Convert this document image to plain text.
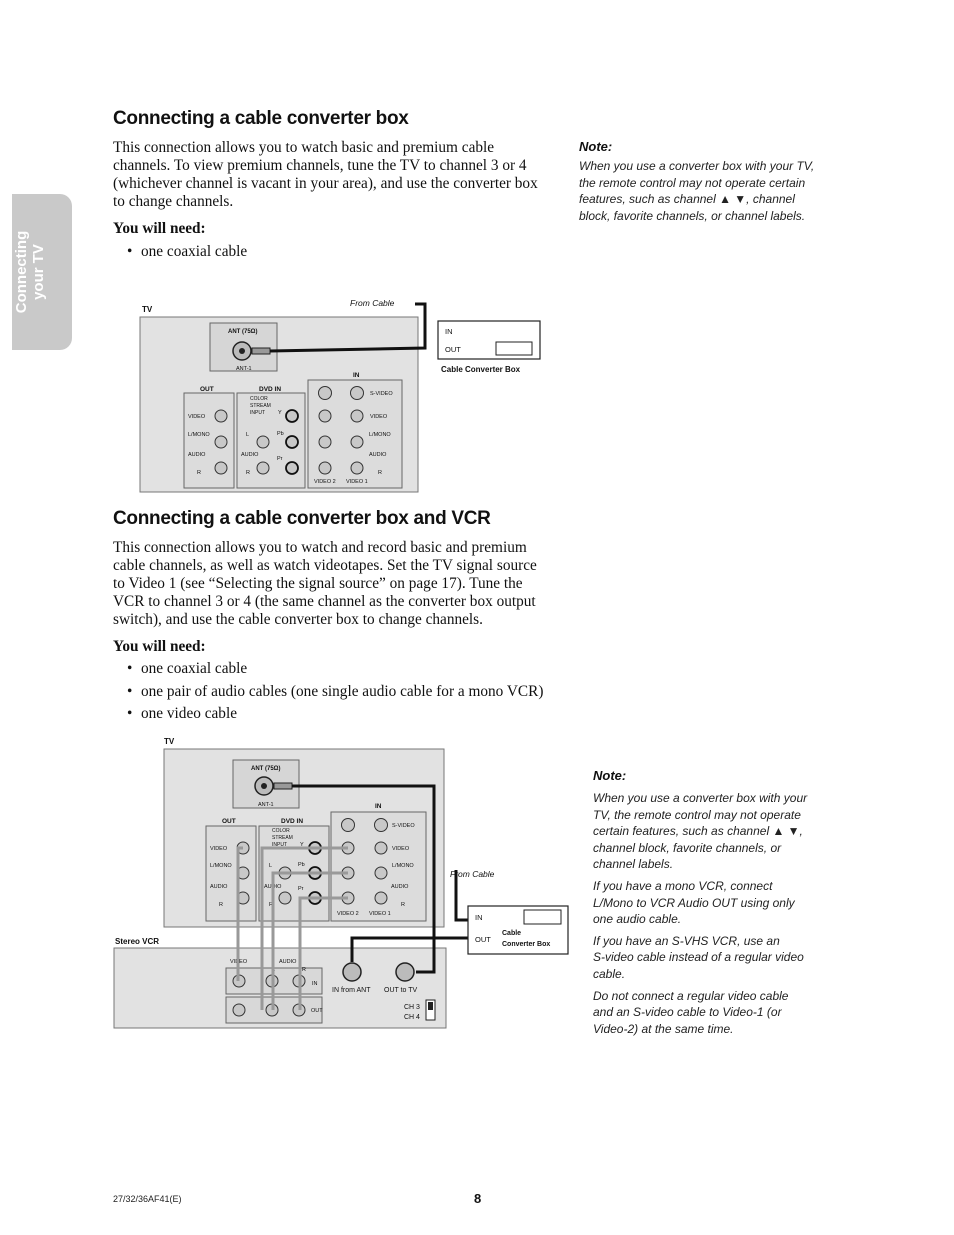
Connecting your TV
Connecting a cable converter box
This connection allows you to watch basic and premium cable
channels. To view premium channels, tune the TV to channel 3 or 4
(whichever channel is vacant in your area), and use the converter box
to change channels.
You will need:
• one coaxial cable
Note:
When you use a converter box with your TV,
the remote control may not operate certain
features, such as channel ▲ ▼, channel
block, favorite channels, or channel labels.
TV
From Cable
ANT (75Ω)
ANT-1
IN
OUT
Cable Converter Box
IN
OUT
VIDEO
L/MONO
AUDIO
R
DVD IN
COLOR
STREAM
INPUT Y
Pb
Pr
L
AUDIO
R
S-VIDEO
VIDEO
L/MONO
AUDIO
R
VIDEO 2 VIDEO 1
Connecting a cable converter box and VCR
This connection allows you to watch and record basic and premium
cable channels, as well as watch videotapes. Set the TV signal source
to Video 1 (see “Selecting the signal source” on page 17). Tune the
VCR to channel 3 or 4 (the same channel as the converter box output
switch), and use the cable converter box to change channels.
You will need:
• one coaxial cable
• one pair of audio cables (one single audio cable for a mono VCR)
• one video cable
Note:
When you use a converter box with your
TV, the remote control may not operate
certain features, such as channel ▲ ▼,
channel block, favorite channels, or
channel labels.
If you have a mono VCR, connect
L/Mono to VCR Audio OUT using only
one audio cable.
If you have an S-VHS VCR, use an
S-video cable instead of a regular video
cable.
Do not connect a regular video cable
and an S-video cable to Video-1 (or
Video-2) at the same time.
TV
ANT (75Ω)
ANT-1
OUT
VIDEO
L/MONO
AUDIO
R
DVD IN
COLOR
STREAM
INPUT Y
Pb
Pr
L
AUDIO
R
IN
S-VIDEO
VIDEO
L/MONO
AUDIO
R
VIDEO 2 VIDEO 1
Stereo VCR
VIDEO	AUDIO
L	R
IN
OUT
IN from ANT OUT to TV
CH 3
CH 4
From Cable
IN
OUT
Cable
Converter Box
27/32/36AF41(E)	8
